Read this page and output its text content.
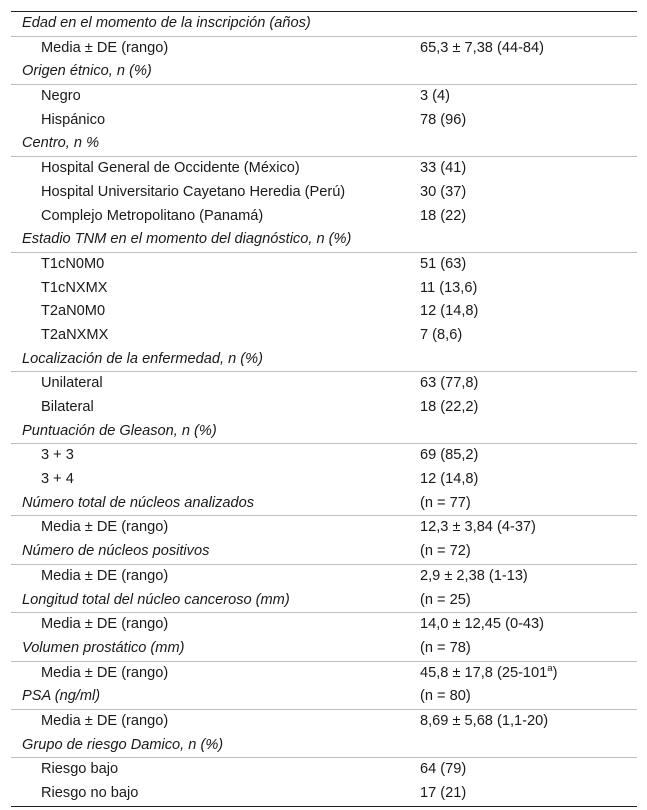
Edad en el momento de la inscripción (años)
Media ± DE (rango)	65,3 ± 7,38 (44-84)
Origen étnico, n (%)
Negro	3 (4)
Hispánico	78 (96)
Centro, n %
Hospital General de Occidente (México)	33 (41)
Hospital Universitario Cayetano Heredia (Perú)	30 (37)
Complejo Metropolitano (Panamá)	18 (22)
Estadio TNM en el momento del diagnóstico, n (%)
T1cN0M0	51 (63)
T1cNXMX	11 (13,6)
T2aN0M0	12 (14,8)
T2aNXMX	7 (8,6)
Localización de la enfermedad, n (%)
Unilateral	63 (77,8)
Bilateral	18 (22,2)
Puntuación de Gleason, n (%)
3 + 3	69 (85,2)
3 + 4	12 (14,8)
Número total de núcleos analizados	(n = 77)
Media ± DE (rango)	12,3 ± 3,84 (4-37)
Número de núcleos positivos	(n = 72)
Media ± DE (rango)	2,9 ± 2,38 (1-13)
Longitud total del núcleo canceroso (mm)	(n = 25)
Media ± DE (rango)	14,0 ± 12,45 (0-43)
Volumen prostático (mm)	(n = 78)
Media ± DE (rango)	45,8 ± 17,8 (25-101$^a$)
PSA (ng/ml)	(n = 80)
Media ± DE (rango)	8,69 ± 5,68 (1,1-20)
Grupo de riesgo Damico, n (%)
Riesgo bajo	64 (79)
Riesgo no bajo	17 (21)
